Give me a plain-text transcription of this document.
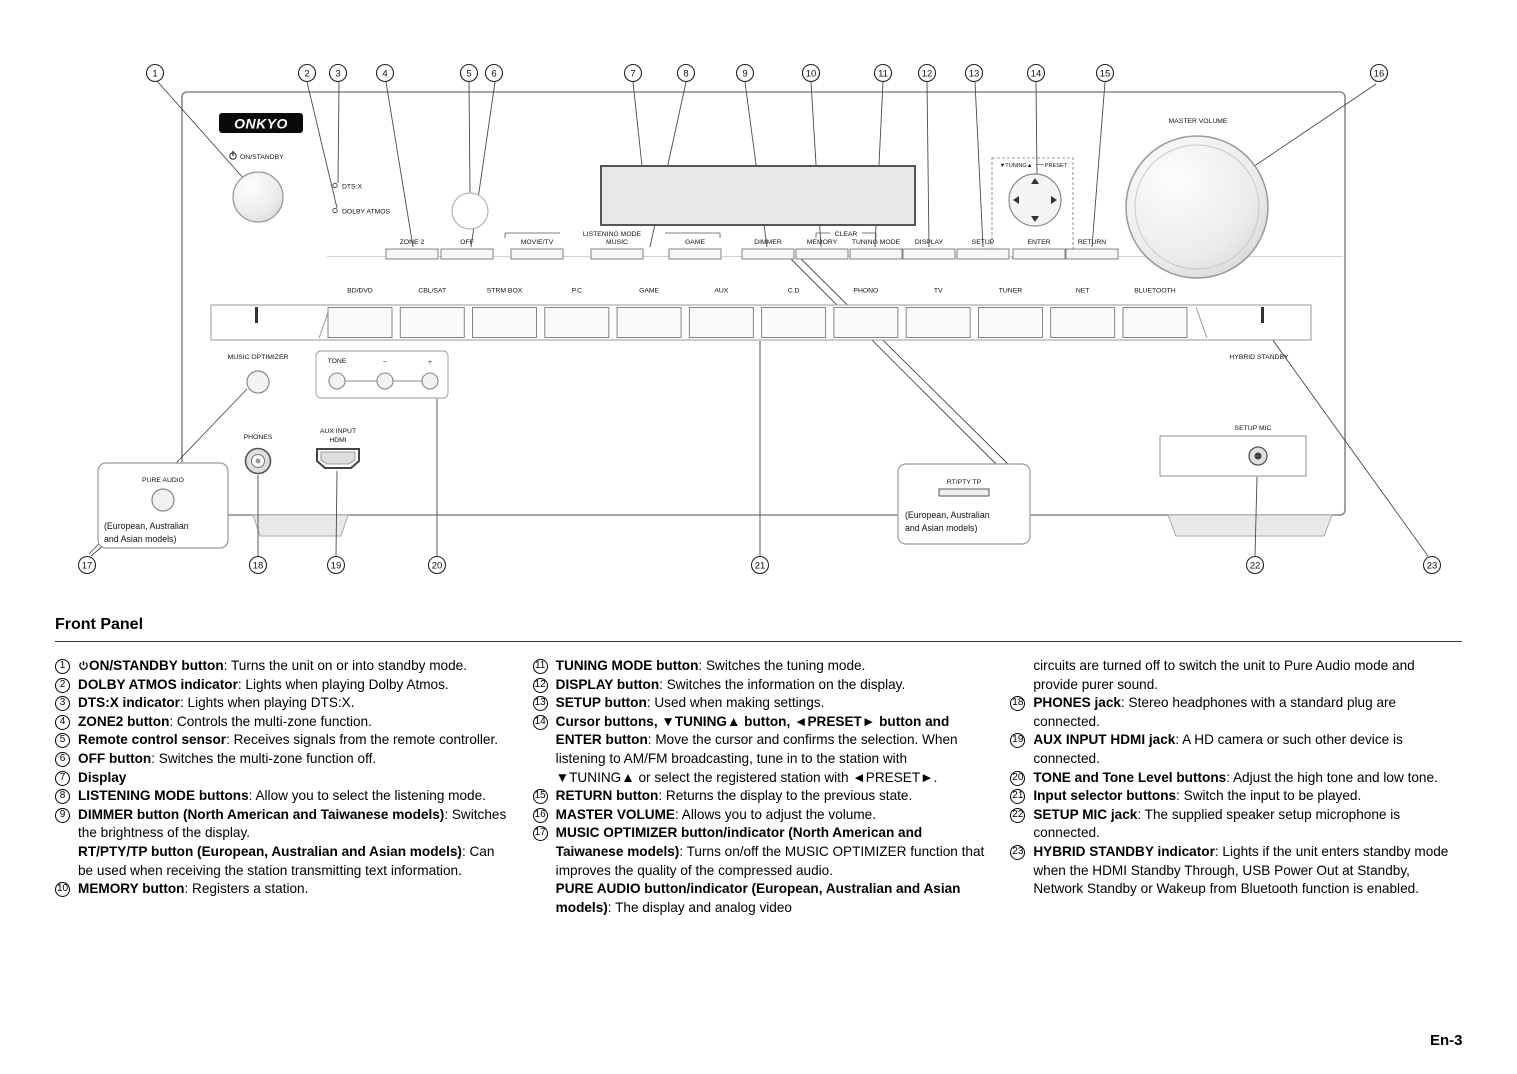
ONKYO
ON/STANDBY
DTS:X
DOLBY ATMOS
LISTENING MODE	CLEAR
▼TUNING▲ PRESET
ZONE 2	OFF	MOVIE/TV	MUSIC	GAME	DIMMER	MEMORY TUNING MODE DISPLAY	SETUP	ENTER	RETURN
MASTER VOLUME
BD/DVD	CBL/SAT	STRM BOX	P.C	GAME	AUX	C.D	PHONO	TV	TUNER	NET	BLUETOOTH
MUSIC OPTIMIZER
TONE	−	+
HYBRID STANDBY
PHONES
AUX INPUT
HDMI
PURE AUDIO
(European, Australian
and Asian models)
RT/PTY TP
(European, Australian
and Asian models)
SETUP MIC
1	2	3	4	5 6	7	8	9	10	11	12	13	14	15	16
17	18	19	20	21	22	23
Front Panel
1	ON/STANDBY button: Turns the unit on or into standby mode.
2 DOLBY ATMOS indicator: Lights when playing Dolby Atmos.
3 DTS:X indicator: Lights when playing DTS:X.
4 ZONE2 button: Controls the multi-zone function.
5 Remote control sensor: Receives signals from the remote controller.
6 OFF button: Switches the multi-zone function off.
7 Display
8 LISTENING MODE buttons: Allow you to select the listening mode.
9 DIMMER button (North American and Taiwanese models): Switches the brightness of the display.
RT/PTY/TP button (European, Australian and Asian models): Can be used when receiving the station transmitting text information.
10 MEMORY button: Registers a station.
11 TUNING MODE button: Switches the tuning mode.
12 DISPLAY button: Switches the information on the display.
13 SETUP button: Used when making settings.
14 Cursor buttons, ▼TUNING▲ button, ◄PRESET► button and ENTER button: Move the cursor and confirms the selection. When listening to AM/FM broadcasting, tune in to the station with ▼TUNING▲ or select the registered station with ◄PRESET►.
15 RETURN button: Returns the display to the previous state.
16 MASTER VOLUME: Allows you to adjust the volume.
17 MUSIC OPTIMIZER button/indicator (North American and Taiwanese models): Turns on/off the MUSIC OPTIMIZER function that improves the quality of the compressed audio.
PURE AUDIO button/indicator (European, Australian and Asian models): The display and analog video
circuits are turned off to switch the unit to Pure Audio mode and provide purer sound.
18 PHONES jack: Stereo headphones with a standard plug are connected.
19 AUX INPUT HDMI jack: A HD camera or such other device is connected.
20 TONE and Tone Level buttons: Adjust the high tone and low tone.
21 Input selector buttons: Switch the input to be played.
22 SETUP MIC jack: The supplied speaker setup microphone is connected.
23 HYBRID STANDBY indicator: Lights if the unit enters standby mode when the HDMI Standby Through, USB Power Out at Standby, Network Standby or Wakeup from Bluetooth function is enabled.
En-3
